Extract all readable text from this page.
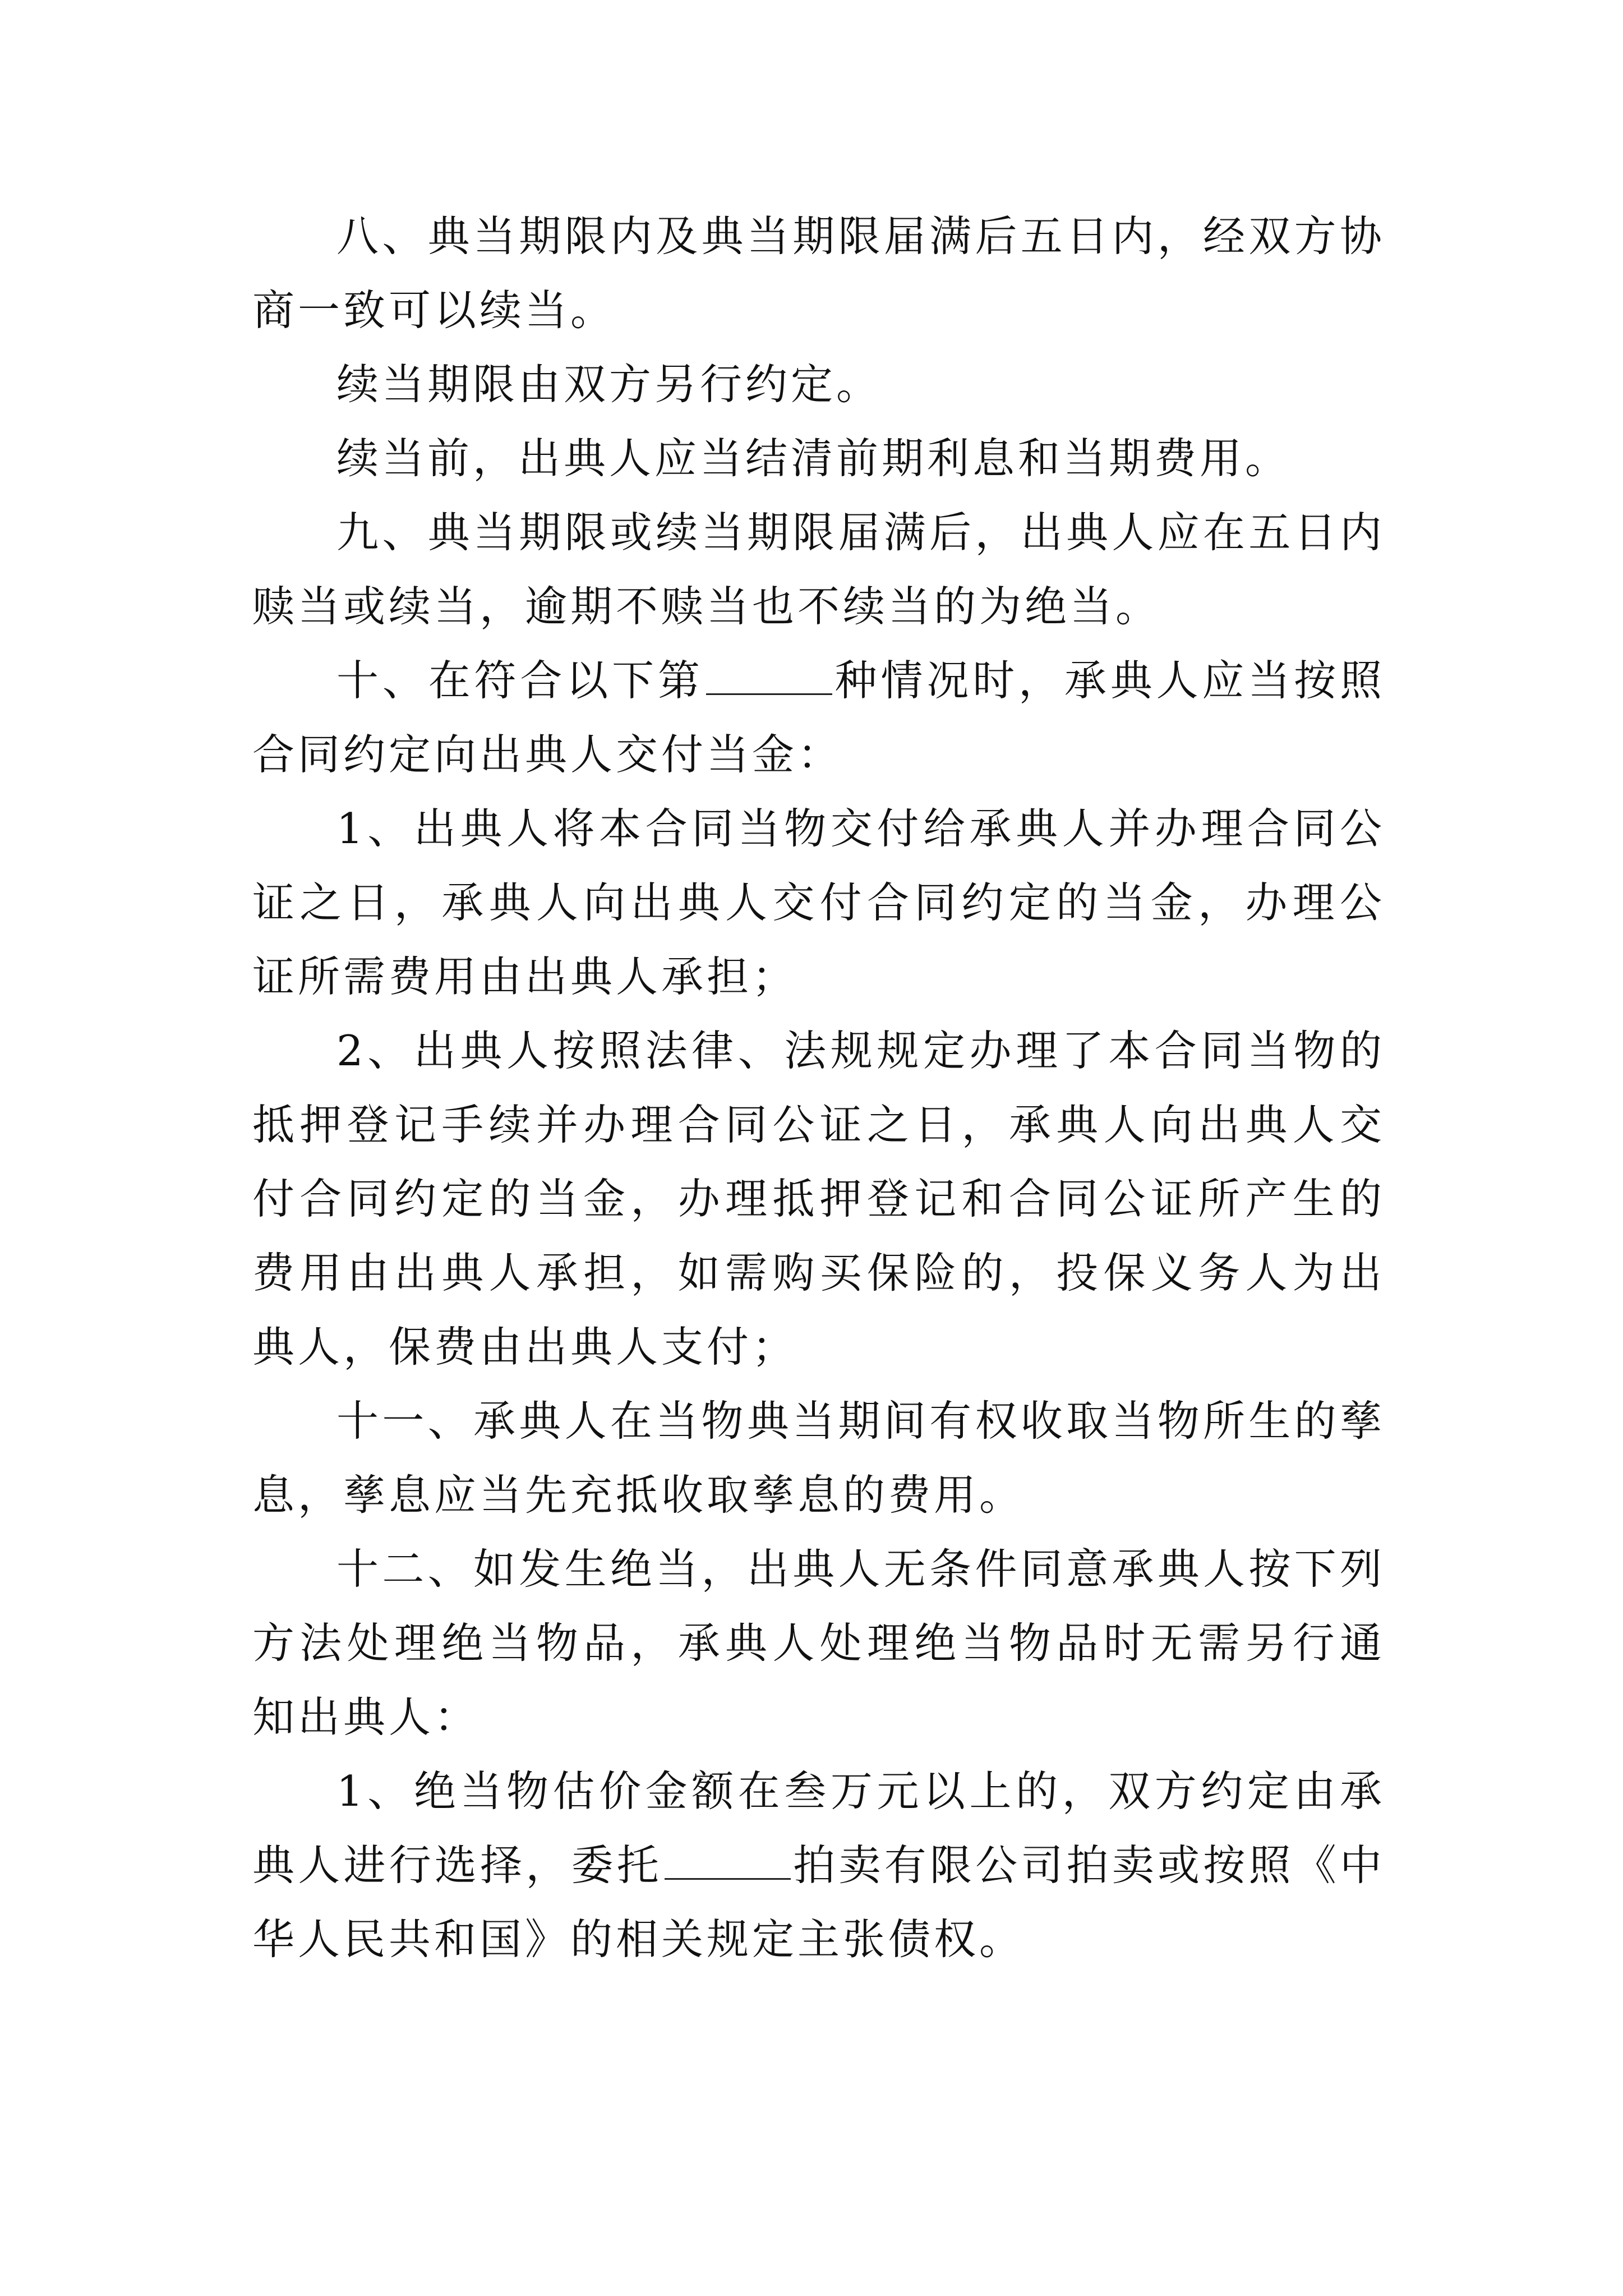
八、典当期限内及典当期限届满后五日内，经双方协商一致可以续当。

续当期限由双方另行约定。

续当前，出典人应当结清前期利息和当期费用。

九、典当期限或续当期限届满后，出典人应在五日内赎当或续当，逾期不赎当也不续当的为绝当。

十、在符合以下第	种情况时，承典人应当按照合同约定向出典人交付当金：

1、出典人将本合同当物交付给承典人并办理合同公证之日，承典人向出典人交付合同约定的当金，办理公证所需费用由出典人承担；

2、出典人按照法律、法规规定办理了本合同当物的抵押登记手续并办理合同公证之日，承典人向出典人交付合同约定的当金，办理抵押登记和合同公证所产生的费用由出典人承担，如需购买保险的，投保义务人为出典人，保费由出典人支付；

十一、承典人在当物典当期间有权收取当物所生的孳息，孳息应当先充抵收取孳息的费用。

十二、如发生绝当，出典人无条件同意承典人按下列方法处理绝当物品，承典人处理绝当物品时无需另行通知出典人：

1、绝当物估价金额在叁万元以上的，双方约定由承典人进行选择，委托	拍卖有限公司拍卖或按照《中华人民共和国》的相关规定主张债权。
